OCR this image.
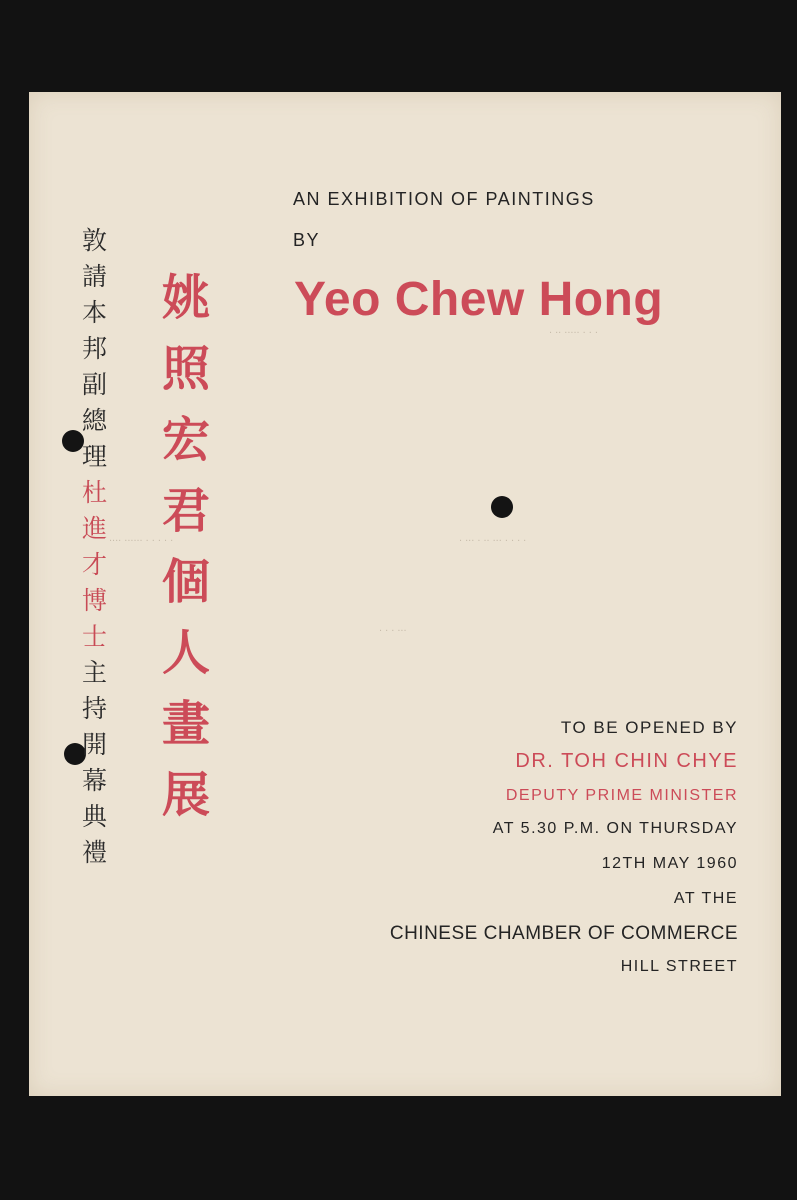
. .. ..... . . .
.... ...... . . . . .	. ... . .. ... . . . .
. . . ...
敦
請
本
邦
副
總
理
杜
進
才
博
士
主
持
開
幕
典
禮
姚
照
宏
君
個
人
畫
展
AN EXHIBITION OF PAINTINGS
BY
Yeo Chew Hong
TO BE OPENED BY
DR. TOH CHIN CHYE
DEPUTY PRIME MINISTER
AT 5.30 P.M. ON THURSDAY
12TH MAY 1960
AT THE
CHINESE CHAMBER OF COMMERCE
HILL STREET
